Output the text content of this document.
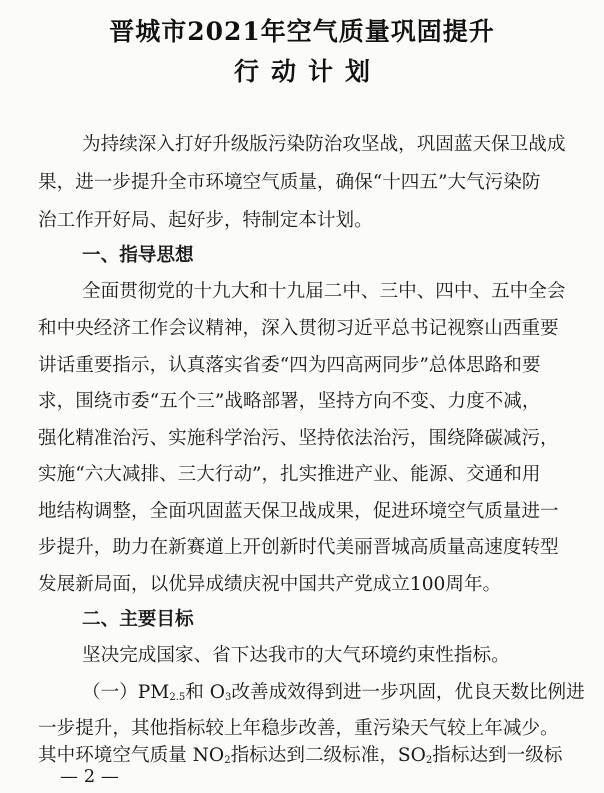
晋城市2021年空气质量巩固提升
行动计划
为持续深入打好升级版污染防治攻坚战，巩固蓝天保卫战成
果，进一步提升全市环境空气质量，确保“十四五”大气污染防
治工作开好局、起好步，特制定本计划。
一、指导思想
全面贯彻党的十九大和十九届二中、三中、四中、五中全会
和中央经济工作会议精神，深入贯彻习近平总书记视察山西重要
讲话重要指示，认真落实省委“四为四高两同步”总体思路和要
求，围绕市委“五个三”战略部署，坚持方向不变、力度不减，
强化精准治污、实施科学治污、坚持依法治污，围绕降碳减污，
实施“六大减排、三大行动”，扎实推进产业、能源、交通和用
地结构调整，全面巩固蓝天保卫战成果，促进环境空气质量进一
步提升，助力在新赛道上开创新时代美丽晋城高质量高速度转型
发展新局面，以优异成绩庆祝中国共产党成立100周年。
二、主要目标
坚决完成国家、省下达我市的大气环境约束性指标。
（一）$PM_{2.5}$和 $O_3$改善成效得到进一步巩固，优良天数比例进
一步提升，其他指标较上年稳步改善，重污染天气较上年减少。
其中环境空气质量 $NO_2$指标达到二级标准，$SO_2$指标达到一级标
— 2 —
